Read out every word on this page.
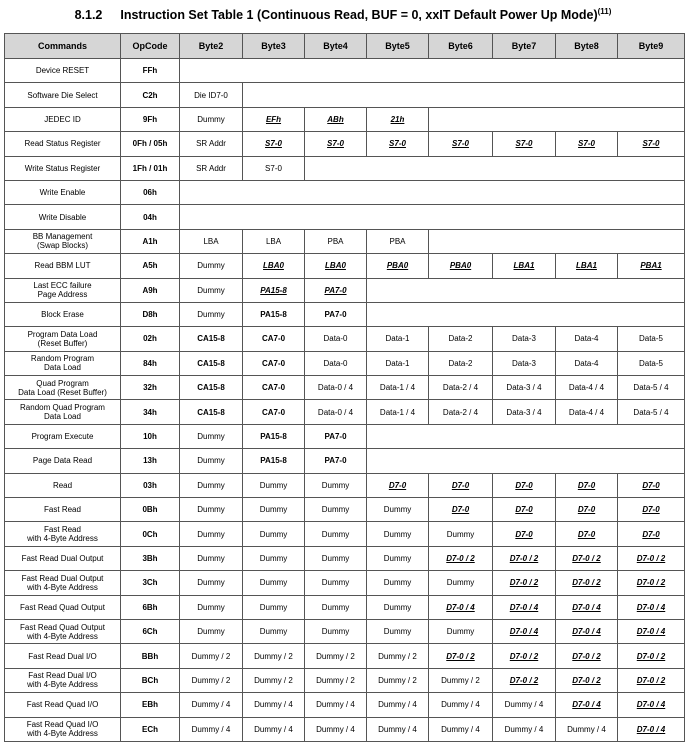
8.1.2 Instruction Set Table 1 (Continuous Read, BUF = 0, xxIT Default Power Up Mode)$^{(11)}$
Commands	OpCode	Byte2	Byte3	Byte4	Byte5	Byte6	Byte7	Byte8	Byte9
Device RESET	FFh								
Software Die Select	C2h	Die ID7-0							
JEDEC ID	9Fh	Dummy	EFh	ABh	21h				
Read Status Register	0Fh / 05h	SR Addr	S7-0	S7-0	S7-0	S7-0	S7-0	S7-0	S7-0
Write Status Register	1Fh / 01h	SR Addr	S7-0						
Write Enable	06h								
Write Disable	04h								
BB Management
(Swap Blocks)	A1h	LBA	LBA	PBA	PBA				
Read BBM LUT	A5h	Dummy	LBA0	LBA0	PBA0	PBA0	LBA1	LBA1	PBA1
Last ECC failure
Page Address	A9h	Dummy	PA15-8	PA7-0					
Block Erase	D8h	Dummy	PA15-8	PA7-0					
Program Data Load
(Reset Buffer)	02h	CA15-8	CA7-0	Data-0	Data-1	Data-2	Data-3	Data-4	Data-5
Random Program
Data Load	84h	CA15-8	CA7-0	Data-0	Data-1	Data-2	Data-3	Data-4	Data-5
Quad Program
Data Load (Reset Buffer)	32h	CA15-8	CA7-0	Data-0 / 4	Data-1 / 4	Data-2 / 4	Data-3 / 4	Data-4 / 4	Data-5 / 4
Random Quad Program
Data Load	34h	CA15-8	CA7-0	Data-0 / 4	Data-1 / 4	Data-2 / 4	Data-3 / 4	Data-4 / 4	Data-5 / 4
Program Execute	10h	Dummy	PA15-8	PA7-0					
Page Data Read	13h	Dummy	PA15-8	PA7-0					
Read	03h	Dummy	Dummy	Dummy	D7-0	D7-0	D7-0	D7-0	D7-0
Fast Read	0Bh	Dummy	Dummy	Dummy	Dummy	D7-0	D7-0	D7-0	D7-0
Fast Read
with 4-Byte Address	0Ch	Dummy	Dummy	Dummy	Dummy	Dummy	D7-0	D7-0	D7-0
Fast Read Dual Output	3Bh	Dummy	Dummy	Dummy	Dummy	D7-0 / 2	D7-0 / 2	D7-0 / 2	D7-0 / 2
Fast Read Dual Output
with 4-Byte Address	3Ch	Dummy	Dummy	Dummy	Dummy	Dummy	D7-0 / 2	D7-0 / 2	D7-0 / 2
Fast Read Quad Output	6Bh	Dummy	Dummy	Dummy	Dummy	D7-0 / 4	D7-0 / 4	D7-0 / 4	D7-0 / 4
Fast Read Quad Output
with 4-Byte Address	6Ch	Dummy	Dummy	Dummy	Dummy	Dummy	D7-0 / 4	D7-0 / 4	D7-0 / 4
Fast Read Dual I/O	BBh	Dummy / 2	Dummy / 2	Dummy / 2	Dummy / 2	D7-0 / 2	D7-0 / 2	D7-0 / 2	D7-0 / 2
Fast Read Dual I/O
with 4-Byte Address	BCh	Dummy / 2	Dummy / 2	Dummy / 2	Dummy / 2	Dummy / 2	D7-0 / 2	D7-0 / 2	D7-0 / 2
Fast Read Quad I/O	EBh	Dummy / 4	Dummy / 4	Dummy / 4	Dummy / 4	Dummy / 4	Dummy / 4	D7-0 / 4	D7-0 / 4
Fast Read Quad I/O
with 4-Byte Address	ECh	Dummy / 4	Dummy / 4	Dummy / 4	Dummy / 4	Dummy / 4	Dummy / 4	Dummy / 4	D7-0 / 4
